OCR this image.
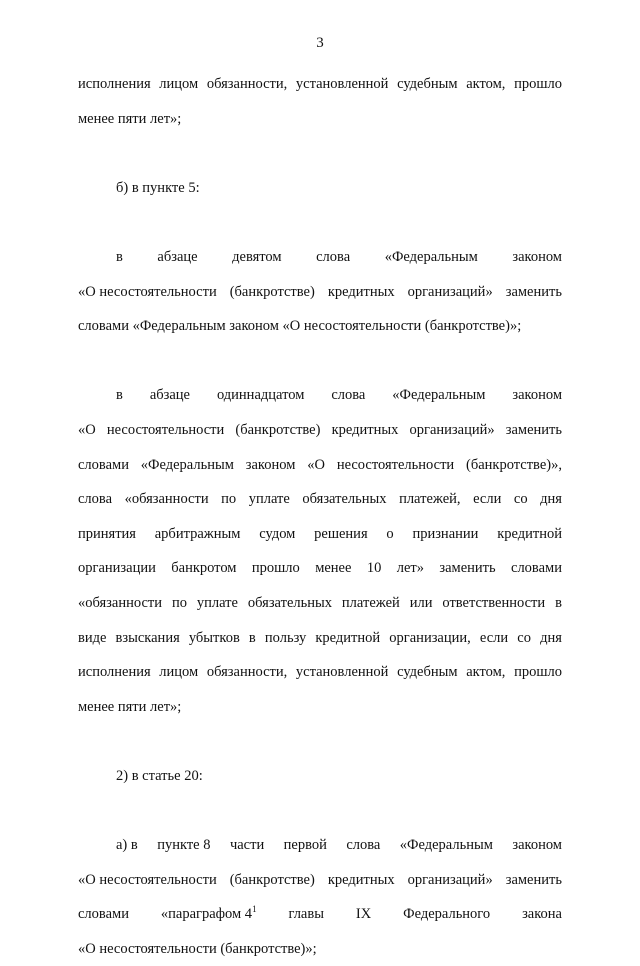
3
исполнения лицом обязанности, установленной судебным актом, прошло
менее пяти лет»;
б) в пункте 5:
в абзаце девятом слова «Федеральным законом
«О несостоятельности (банкротстве) кредитных организаций» заменить
словами «Федеральным законом «О несостоятельности (банкротстве)»;
в абзаце одиннадцатом слова «Федеральным законом
«О несостоятельности (банкротстве) кредитных организаций» заменить
словами «Федеральным законом «О несостоятельности (банкротстве)»,
слова «обязанности по уплате обязательных платежей, если со дня
принятия арбитражным судом решения о признании кредитной
организации банкротом прошло менее 10 лет» заменить словами
«обязанности по уплате обязательных платежей или ответственности в
виде взыскания убытков в пользу кредитной организации, если со дня
исполнения лицом обязанности, установленной судебным актом, прошло
менее пяти лет»;
2) в статье 20:
а) в пункте 8 части первой слова «Федеральным законом
«О несостоятельности (банкротстве) кредитных организаций» заменить
словами «параграфом $4^1$ главы IX Федерального закона
«О несостоятельности (банкротстве)»;
